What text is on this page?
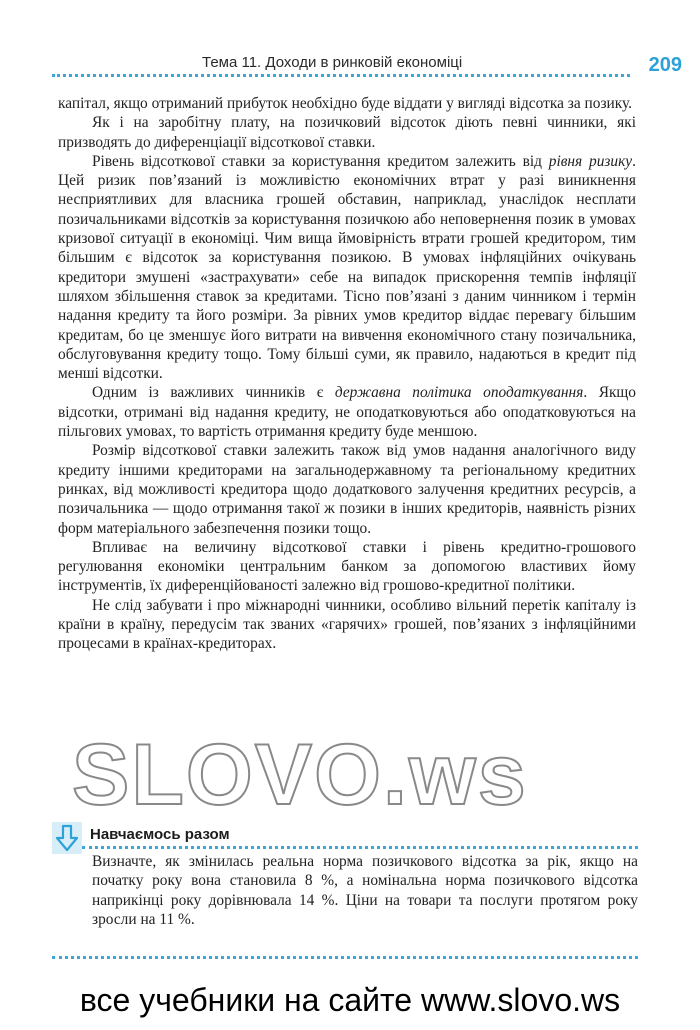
Тема 11. Доходи в ринковій економіці	209

капітал, якщо отриманий прибуток необхідно буде віддати у вигляді відсотка за позику.

Як і на заробітну плату, на позичковий відсоток діють певні чинники, які призводять до диференціації відсоткової ставки.

Рівень відсоткової ставки за користування кредитом залежить від рівня ризику. Цей ризик пов’язаний із можливістю економічних втрат у разі виникнення несприятливих для власника грошей обставин, наприклад, унаслідок несплати позичальниками відсотків за користування позичкою або неповернення позик в умовах кризової ситуації в економіці. Чим вища ймовірність втрати грошей кредитором, тим більшим є відсоток за користування позикою. В умовах інфляційних очікувань кредитори змушені «застрахувати» себе на випадок прискорення темпів інфляції шляхом збільшення ставок за кредитами. Тісно пов’язані з даним чинником і термін надання кредиту та його розміри. За рівних умов кредитор віддає перевагу більшим кредитам, бо це зменшує його витрати на вивчення економічного стану позичальника, обслуговування кредиту тощо. Тому більші суми, як правило, надаються в кредит під менші відсотки.

Одним із важливих чинників є державна політика оподаткування. Якщо відсотки, отримані від надання кредиту, не оподатковуються або оподатковуються на пільгових умовах, то вартість отримання кредиту буде меншою.

Розмір відсоткової ставки залежить також від умов надання аналогічного виду кредиту іншими кредиторами на загальнодержавному та регіональному кредитних ринках, від можливості кредитора щодо додаткового залучення кредитних ресурсів, а позичальника — щодо отримання такої ж позики в інших кредиторів, наявність різних форм матеріального забезпечення позики тощо.

Впливає на величину відсоткової ставки і рівень кредитно-грошового регулювання економіки центральним банком за допомогою властивих йому інструментів, їх диференційованості залежно від грошово-кредитної політики.

Не слід забувати і про міжнародні чинники, особливо вільний перетік капіталу із країни в країну, передусім так званих «гарячих» грошей, пов’язаних з інфляційними процесами в країнах-кредиторах.

Навчаємось разом
Визначте, як змінилась реальна норма позичкового відсотка за рік, якщо на початку року вона становила 8 %, а номінальна норма позичкового відсотка наприкінці року дорівнювала 14 %. Ціни на товари та послуги протягом року зросли на 11 %.
SLOVO.ws
все учебники на сайте www.slovo.ws
